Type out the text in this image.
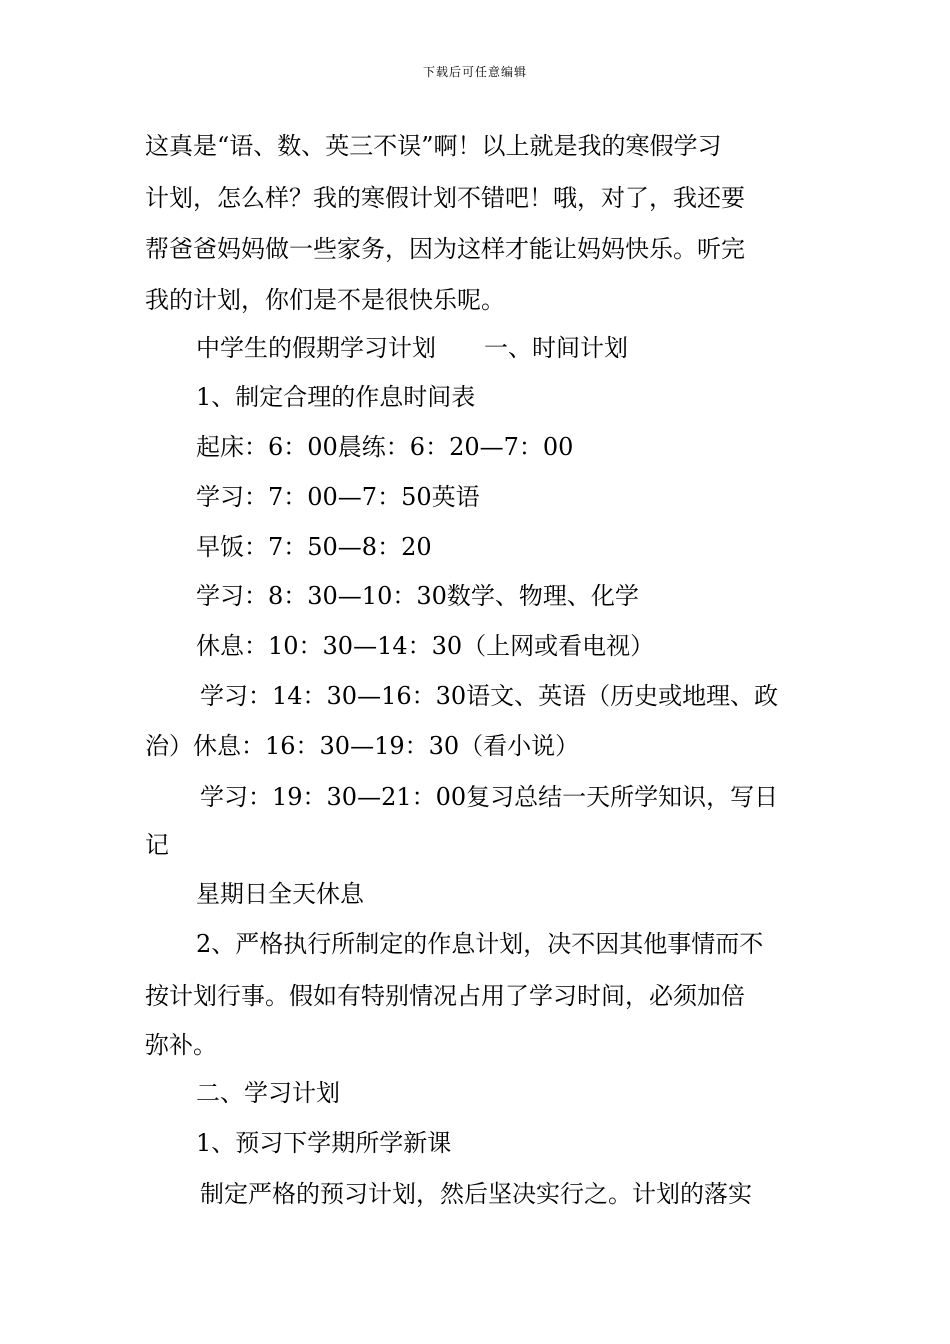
下载后可任意编辑
这真是“语、数、英三不误”啊！以上就是我的寒假学习
计划，怎么样？我的寒假计划不错吧！哦，对了，我还要
帮爸爸妈妈做一些家务，因为这样才能让妈妈快乐。听完
我的计划，你们是不是很快乐呢。
中学生的假期学习计划　　一、时间计划
1、制定合理的作息时间表
起床：6：00晨练：6：20—7：00
学习：7：00—7：50英语
早饭：7：50—8：20
学习：8：30—10：30数学、物理、化学
休息：10：30—14：30（上网或看电视）
学习：14：30—16：30语文、英语（历史或地理、政
治）休息：16：30—19：30（看小说）
学习：19：30—21：00复习总结一天所学知识，写日
记
星期日全天休息
2、严格执行所制定的作息计划，决不因其他事情而不
按计划行事。假如有特别情况占用了学习时间，必须加倍
弥补。
二、学习计划
1、预习下学期所学新课
制定严格的预习计划，然后坚决实行之。计划的落实
